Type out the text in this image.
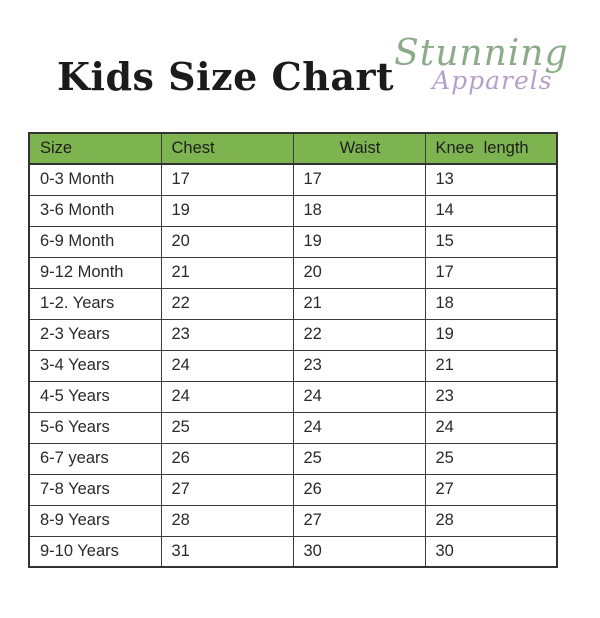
Kids Size Chart
Stunning
Apparels
Size	Chest	Waist	Knee length
0-3 Month	17	17	13
3-6 Month	19	18	14
6-9 Month	20	19	15
9-12 Month	21	20	17
1-2. Years	22	21	18
2-3 Years	23	22	19
3-4 Years	24	23	21
4-5 Years	24	24	23
5-6 Years	25	24	24
6-7 years	26	25	25
7-8 Years	27	26	27
8-9 Years	28	27	28
9-10 Years	31	30	30
